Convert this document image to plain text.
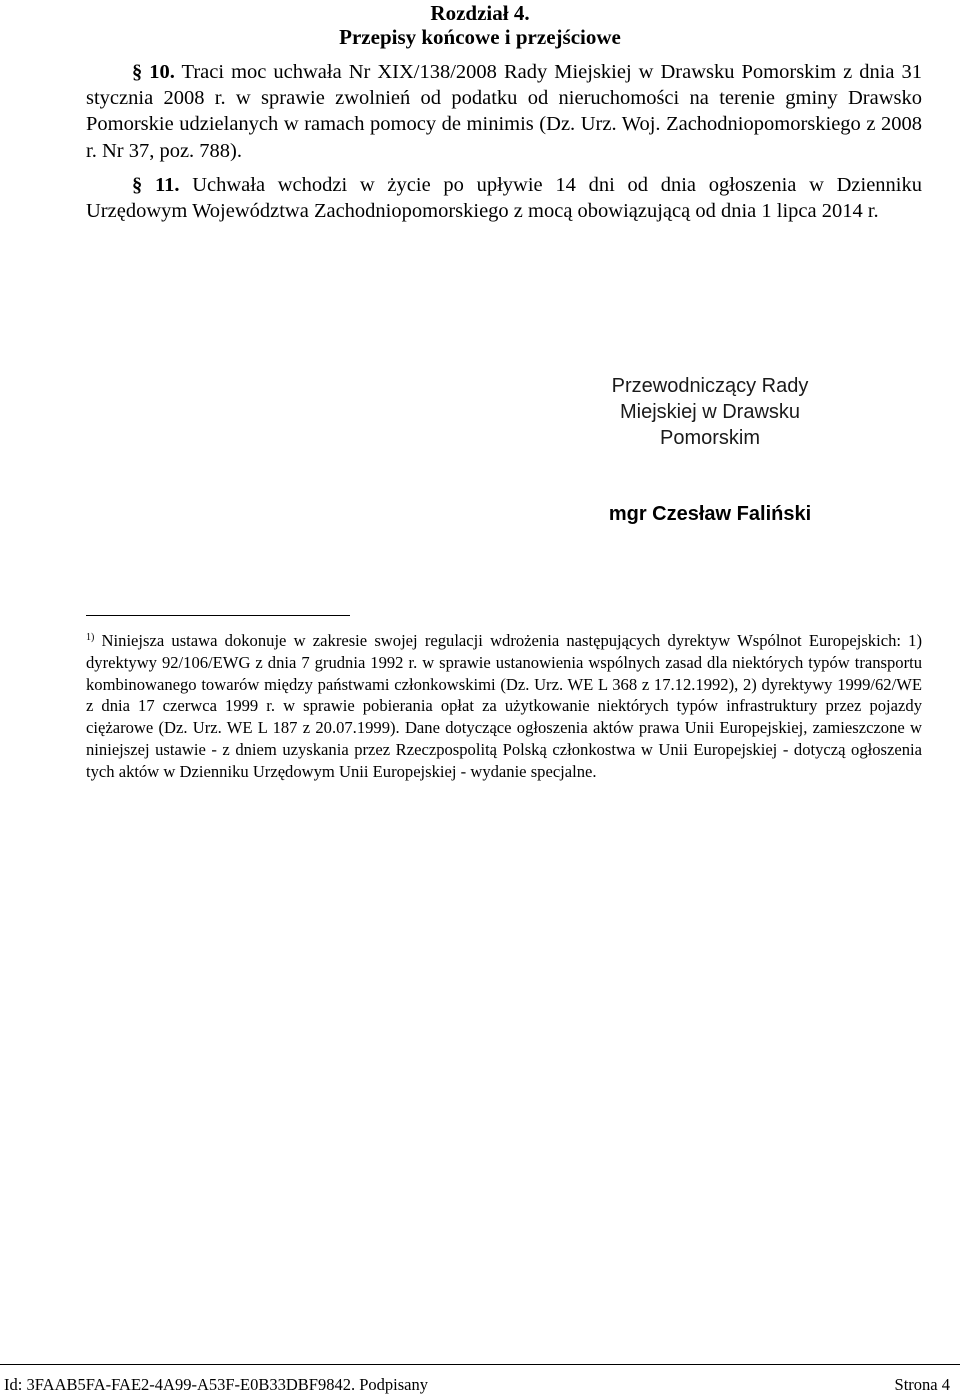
Rozdział 4.
Przepisy końcowe i przejściowe
§ 10. Traci moc uchwała Nr XIX/138/2008 Rady Miejskiej w Drawsku Pomorskim z dnia 31 stycznia 2008 r. w sprawie zwolnień od podatku od nieruchomości na terenie gminy Drawsko Pomorskie udzielanych w ramach pomocy de minimis (Dz. Urz. Woj. Zachodniopomorskiego z 2008 r. Nr 37, poz. 788).
§ 11. Uchwała wchodzi w życie po upływie 14 dni od dnia ogłoszenia w Dzienniku Urzędowym Województwa Zachodniopomorskiego z mocą obowiązującą od dnia 1 lipca 2014 r.
Przewodniczący Rady
Miejskiej w Drawsku
Pomorskim
mgr Czesław Faliński
$^{1)}$ Niniejsza ustawa dokonuje w zakresie swojej regulacji wdrożenia następujących dyrektyw Wspólnot Europejskich: 1) dyrektywy 92/106/EWG z dnia 7 grudnia 1992 r. w sprawie ustanowienia wspólnych zasad dla niektórych typów transportu kombinowanego towarów między państwami członkowskimi (Dz. Urz. WE L 368 z 17.12.1992), 2) dyrektywy 1999/62/WE z dnia 17 czerwca 1999 r. w sprawie pobierania opłat za użytkowanie niektórych typów infrastruktury przez pojazdy ciężarowe (Dz. Urz. WE L 187 z 20.07.1999). Dane dotyczące ogłoszenia aktów prawa Unii Europejskiej, zamieszczone w niniejszej ustawie - z dniem uzyskania przez Rzeczpospolitą Polską członkostwa w Unii Europejskiej - dotyczą ogłoszenia tych aktów w Dzienniku Urzędowym Unii Europejskiej - wydanie specjalne.
Id: 3FAAB5FA-FAE2-4A99-A53F-E0B33DBF9842. Podpisany	Strona 4
